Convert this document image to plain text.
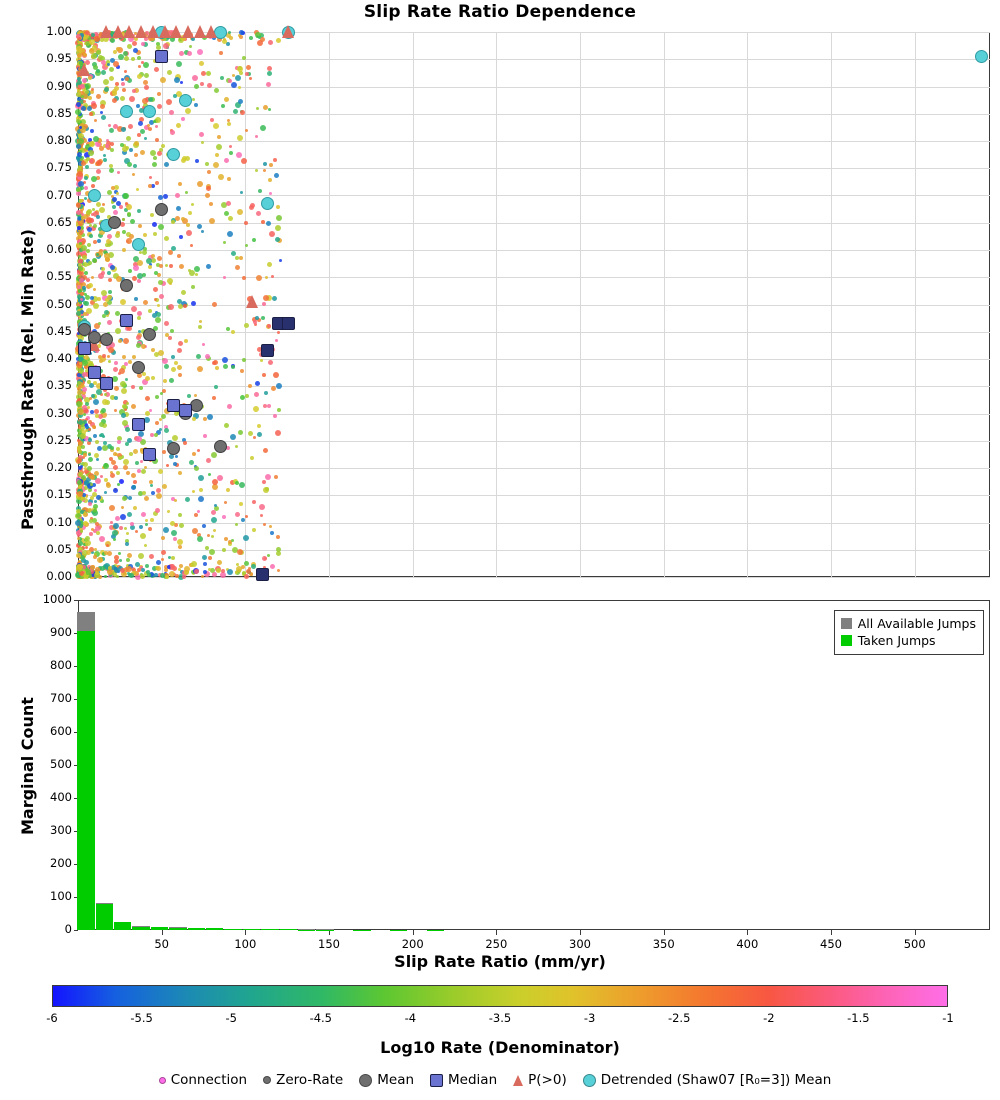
Slip Rate Ratio Dependence
0.00
0.05
0.10
0.15
0.20
0.25
0.30
0.35
0.40
0.45
0.50
0.55
0.60
0.65
0.70
0.75
0.80
0.85
0.90
0.95
1.00
Passthrough Rate (Rel. Min Rate)
0
100
200
300
400
500
600
700
800
900
1000
50	100	150	200	250	300	350	400	450	500
Marginal Count
Slip Rate Ratio (mm/yr)
All Available Jumps
Taken Jumps
-6	-5.5	-5	-4.5	-4	-3.5	-3	-2.5	-2	-1.5	-1
Log10 Rate (Denominator)
Connection Zero-Rate	Mean	Median P(>0)	Detrended (Shaw07 [R₀=3]) Mean
